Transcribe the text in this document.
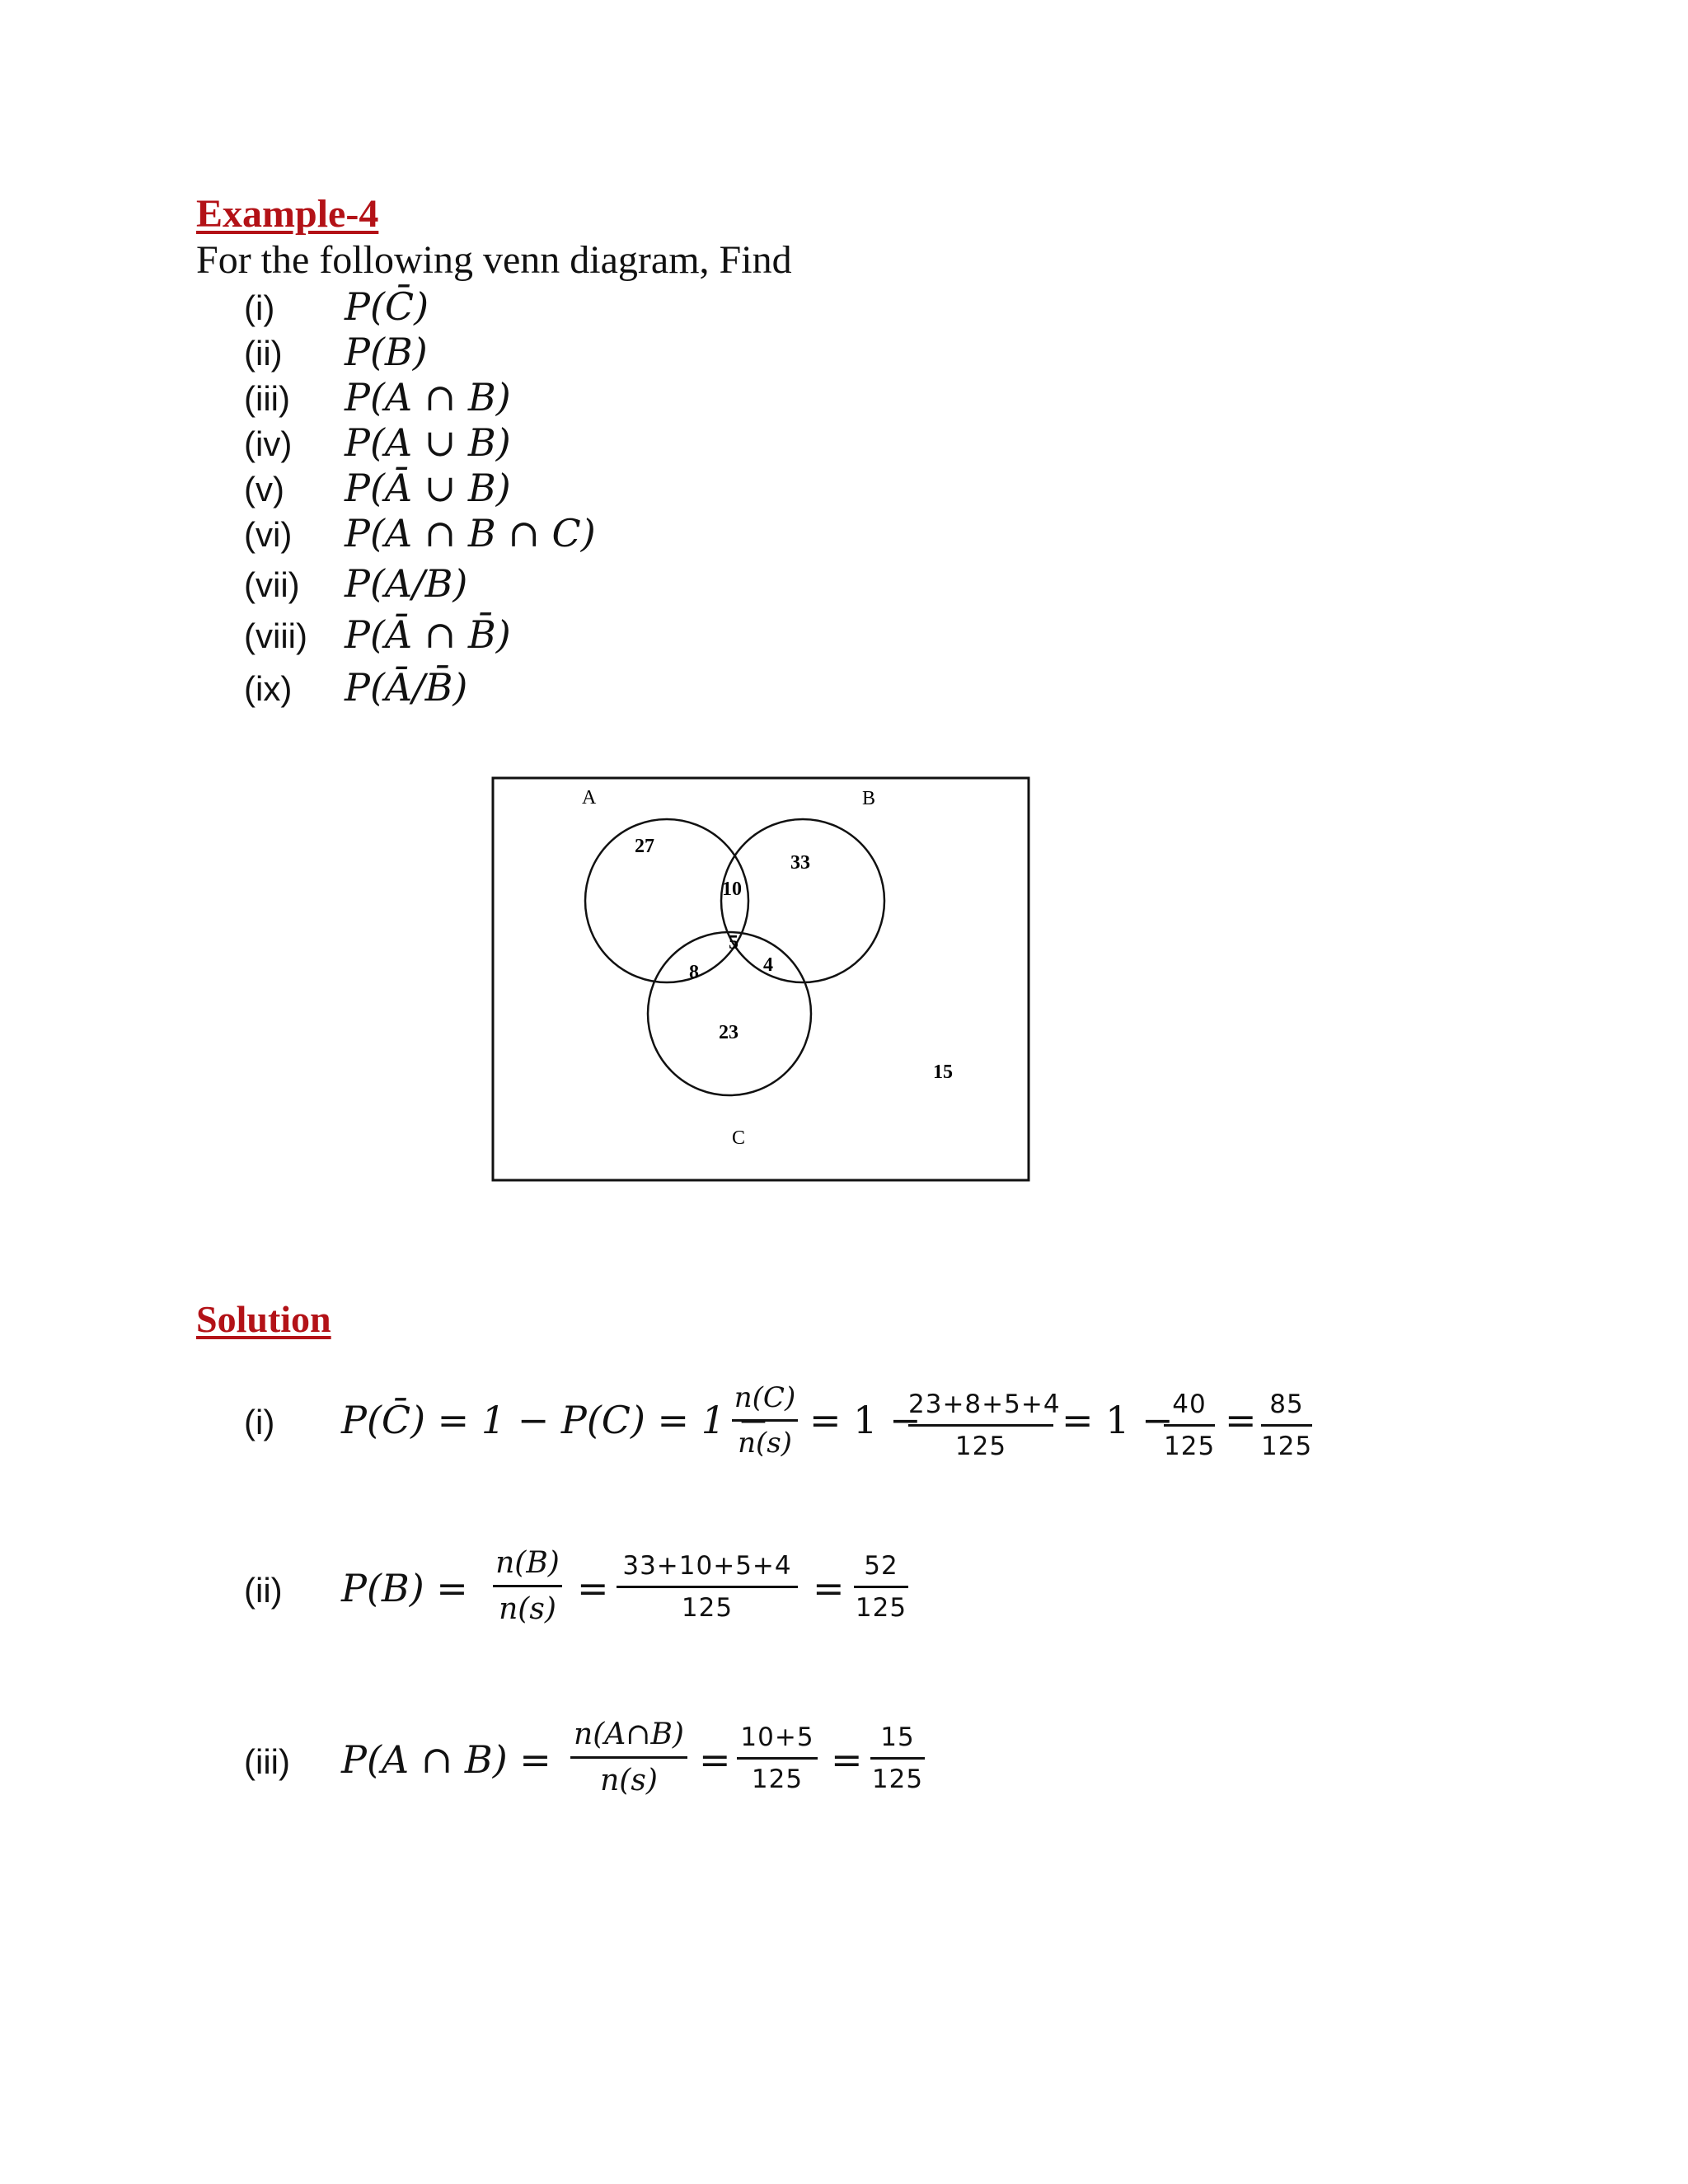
Example-4
For the following venn diagram, Find
(i) P(C̄)
(ii) P(B)
(iii) P(A ∩ B)
(iv) P(A ∪ B)
(v) P(Ā ∪ B)
(vi) P(A ∩ B ∩ C)
(vii) P(A/B)
(viii) P(Ā ∩ B̄)
(ix) P(Ā/B̄)
A	B
C
27
33
10
5
8	4
23
15
Solution
(i) P(C̄) = 1 − P(C) = 1 −
n(C)
n(s)
= 1 −
23+8+5+4
125
= 1 −
40
125
= 85
125
(ii) P(B) =
n(B)
n(s) = 33+10+5+4
125	= 52
125
(iii) P(A ∩ B) =
n(A∩B)
n(s)	= 10+5
125 = 15
125
